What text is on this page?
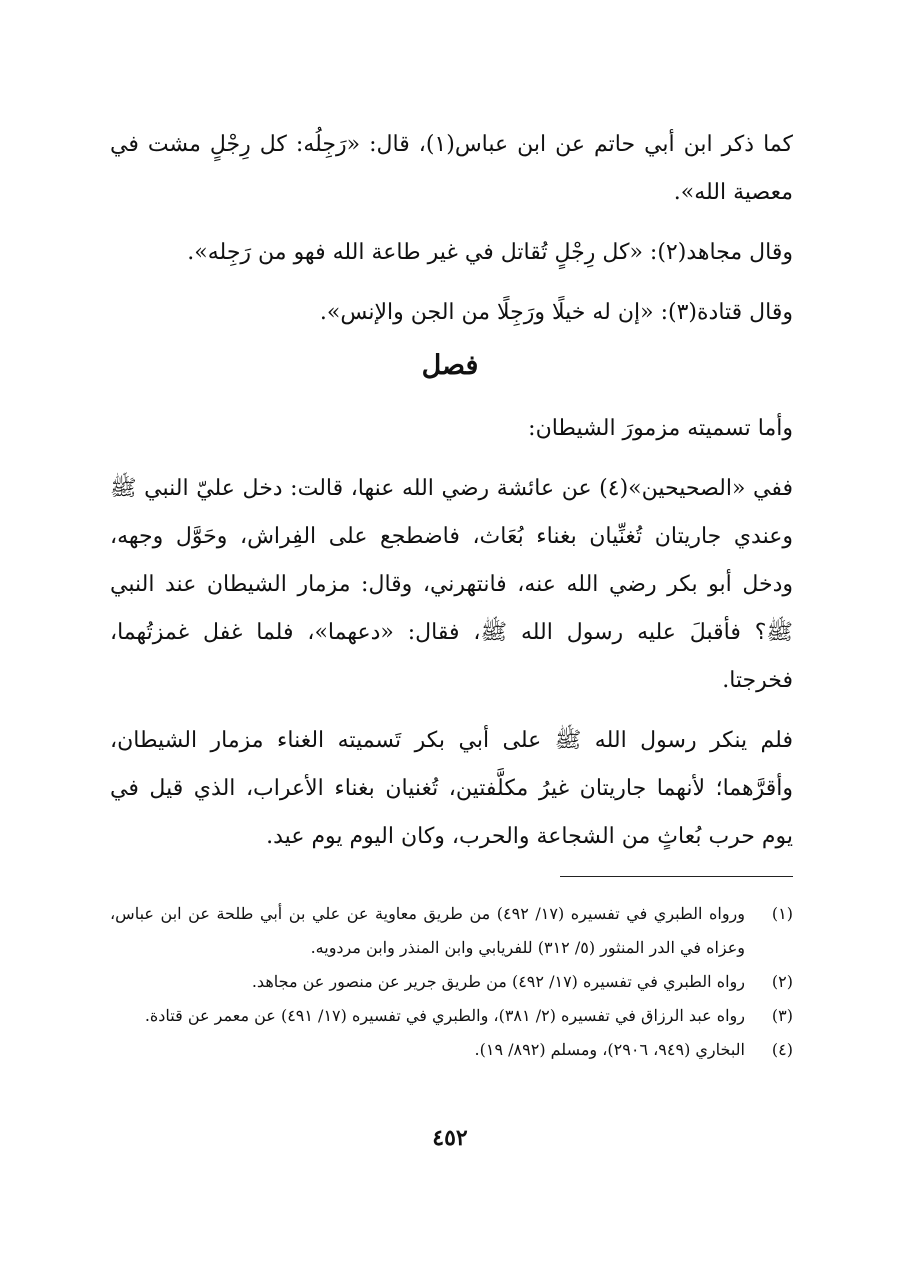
كما ذكر ابن أبي حاتم عن ابن عباس(١)، قال: «رَجِلُه: كل رِجْلٍ مشت في معصية الله».
وقال مجاهد(٢): «كل رِجْلٍ تُقاتل في غير طاعة الله فهو من رَجِله».
وقال قتادة(٣): «إن له خيلًا ورَجِلًا من الجن والإنس».
فصل
وأما تسميته مزمورَ الشيطان:
ففي «الصحيحين»(٤) عن عائشة رضي الله عنها، قالت: دخل عليّ النبي ﷺ وعندي جاريتان تُغنِّيان بغناء بُعَاث، فاضطجع على الفِراش، وحَوَّل وجهه، ودخل أبو بكر رضي الله عنه، فانتهرني، وقال: مزمار الشيطان عند النبي ﷺ؟ فأقبلَ عليه رسول الله ﷺ، فقال: «دعهما»، فلما غفل غمزتُهما، فخرجتا.
فلم ينكر رسول الله ﷺ على أبي بكر تَسميته الغناء مزمار الشيطان، وأقرَّهما؛ لأنهما جاريتان غيرُ مكلَّفتين، تُغنيان بغناء الأعراب، الذي قيل في يوم حرب بُعاثٍ من الشجاعة والحرب، وكان اليوم يوم عيد.
(١)
ورواه الطبري في تفسيره (١٧/ ٤٩٢) من طريق معاوية عن علي بن أبي طلحة عن ابن عباس، وعزاه في الدر المنثور (٥/ ٣١٢) للفريابي وابن المنذر وابن مردويه.
(٢)
رواه الطبري في تفسيره (١٧/ ٤٩٢) من طريق جرير عن منصور عن مجاهد.
(٣)
رواه عبد الرزاق في تفسيره (٢/ ٣٨١)، والطبري في تفسيره (١٧/ ٤٩١) عن معمر عن قتادة.
(٤)
البخاري (٩٤٩، ٢٩٠٦)، ومسلم (٨٩٢/ ١٩).
٤٥٢
